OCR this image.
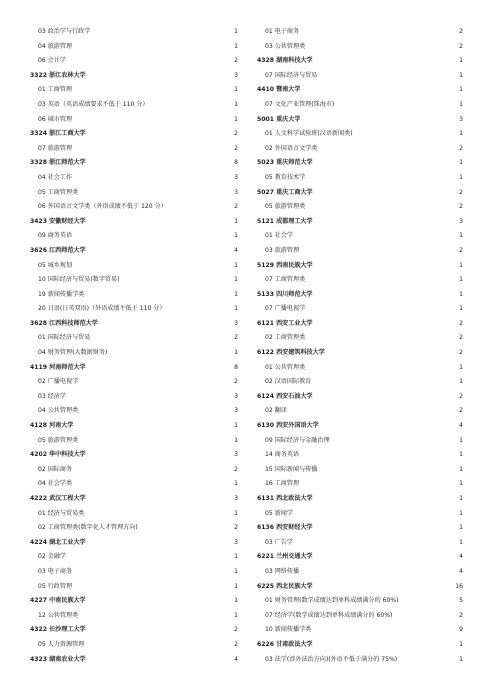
03 政治学与行政学	1
04 旅游管理	1
06 会计学	2
3322 浙江农林大学	3
01 工商管理	1
03 英语（英语成绩要求不低于 110 分）	1
06 城市管理	1
3324 浙江工商大学	2
07 旅游管理	2
3328 浙江师范大学	8
04 社会工作	3
05 工商管理类	3
06 外国语言文学类（外语成绩不低于 120 分）	2
3423 安徽财经大学	1
09 商务英语	1
3626 江西师范大学	4
05 城乡规划	1
10 国际经济与贸易(数字贸易)	1
19 新闻传播学类	1
20 日语(日英双语)（外语成绩不低于 110 分）	1
3628 江西科技师范大学	3
01 国际经济与贸易	2
04 财务管理(大数据财务)	1
4119 河南师范大学	8
02 广播电视学	2
03 经济学	3
04 公共管理类	3
4128 河南大学	1
05 旅游管理类	1
4202 华中科技大学	3
02 国际商务	2
04 社会学类	1
4222 武汉工程大学	3
01 经济与贸易类	1
02 工商管理类(数字化人才管理方向)	2
4224 湖北工业大学	3
02 金融学	1
03 电子商务	1
05 行政管理	1
4227 中南民族大学	1
12 公共管理类	1
4322 长沙理工大学	2
05 人力资源管理	2
4323 湖南农业大学	4
01 电子商务	2
03 公共管理类	2
4328 湖南科技大学	1
07 国际经济与贸易	1
4410 暨南大学	1
07 文化产业管理(珠海市)	1
5001 重庆大学	3
01 人文科学试验班(汉语新闻类)	1
02 外国语言文学类	2
5023 重庆师范大学	1
05 教育技术学	1
5027 重庆工商大学	2
05 旅游管理类	2
5121 成都理工大学	3
01 社会学	1
03 旅游管理	2
5129 西南民族大学	1
07 工商管理类	1
5133 四川师范大学	1
07 广播电视学	1
6121 西安工业大学	2
02 工商管理类	2
6122 西安建筑科技大学	2
01 公共管理类	1
02 汉语国际教育	1
6124 西安石油大学	2
02 翻译	2
6130 西安外国语大学	4
09 国际经济与金融治理	1
14 商务英语	1
15 国际新闻与传播	1
16 工商管理	1
6131 西北政法大学	1
05 新闻学	1
6136 西安财经大学	1
03 广告学	1
6221 兰州交通大学	4
03 网络传播	4
6225 西北民族大学	16
01 财务管理(数学成绩达到单科成绩满分的 60%)	5
07 经济学(数学成绩达到单科成绩满分的 60%)	2
10 新闻传播学类	9
6226 甘肃政法大学	1
03 法学(涉外法治方向)(外语不低于满分的 75%)	1
